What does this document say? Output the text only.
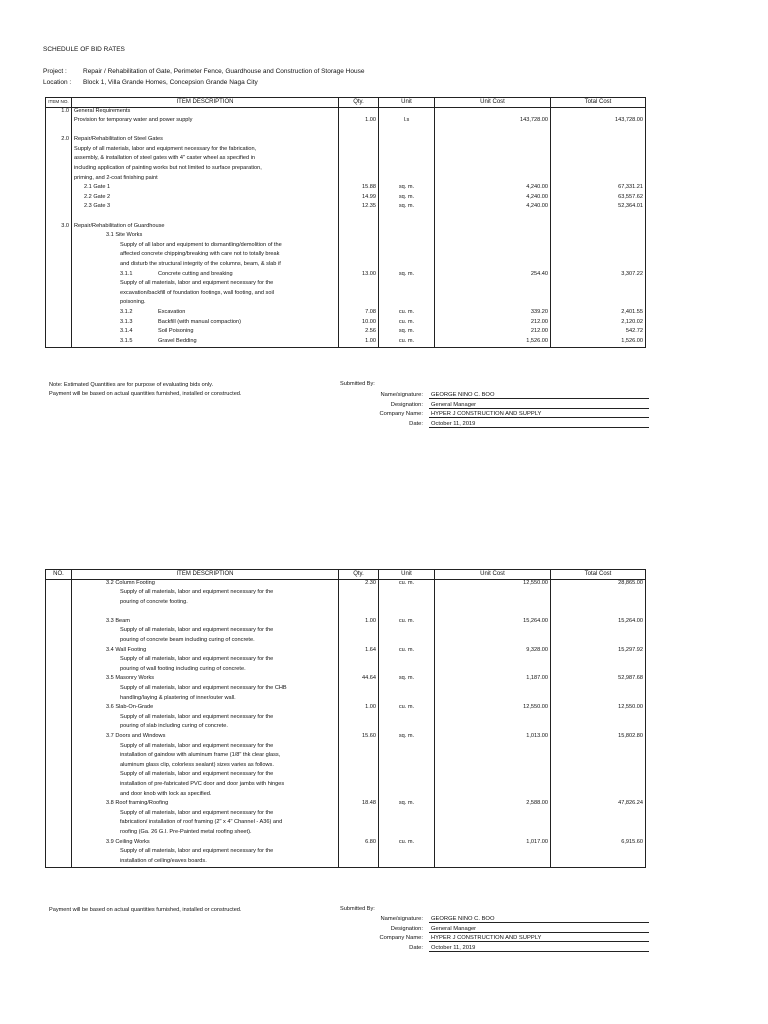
SCHEDULE OF BID RATES
Project : Repair / Rehabilitation of Gate, Perimeter Fence, Guardhouse and Construction of Storage House
Location : Block 1, Villa Grande Homes, Concepsion Grande Naga City
ITEM NO.	ITEM DESCRIPTION	Qty.	Unit	Unit Cost	Total Cost
1.0	General Requirements				
	Provision for temporary water and power supply	1.00	l.s	143,728.00	143,728.00

2.0	Repair/Rehabilitation of Steel Gates				
	Supply of all materials, labor and equipment necessary for the fabrication,				
	assembly, & installation of steel gates with 4" caster wheel as specified in				
	including application of painting works but not limited to surface preparation,				
	priming, and 2-coat finishing paint				
	2.1 Gate 1	15.88	sq. m.	4,240.00	67,331.21
	2.2 Gate 2	14.99	sq. m.	4,240.00	63,557.62
	2.3 Gate 3	12.35	sq. m.	4,240.00	52,364.01

3.0	Repair/Rehabilitation of Guardhouse				
	3.1 Site Works				
	Supply of all labor and equipment to dismantling/demolition of the				
	affected concrete chipping/breaking with care not to totally break				
	and disturb the structural integrity of the columns, beam, & slab if				
	3.1.1 Concrete cutting and breaking	13.00	sq. m.	254.40	3,307.22
	Supply of all materials, labor and equipment necessary for the				
	excavation/backfill of foundation footings, wall footing, and soil				
	poisoning.				
	3.1.2 Excavation	7.08	cu. m.	339.20	2,401.55
	3.1.3 Backfill (with manual compaction)	10.00	cu. m.	212.00	2,120.02
	3.1.4 Soil Poisoning	2.56	sq. m.	212.00	542.72
	3.1.5 Gravel Bedding	1.00	cu. m.	1,526.00	1,526.00
Note: Estimated Quantities are for purpose of evaluating bids only.
Payment will be based on actual quantities furnished, installed or constructed.
Submitted By:
Name/signature:	GEORGE NINO C. BOO
Designation:	General Manager
Company Name:	HYPER J CONSTRUCTION AND SUPPLY
Date:	October 11, 2019
NO.	ITEM DESCRIPTION	Qty.	Unit	Unit Cost	Total Cost
	3.2 Column Footing	2.30	cu. m.	12,550.00	28,865.00
	Supply of all materials, labor and equipment necessary for the				
	pouring of concrete footing.				

	3.3 Beam	1.00	cu. m.	15,264.00	15,264.00
	Supply of all materials, labor and equipment necessary for the				
	pouring of concrete beam including curing of concrete.				
	3.4 Wall Footing	1.64	cu. m.	9,328.00	15,297.92
	Supply of all materials, labor and equipment necessary for the				
	pouring of wall footing including curing of concrete.				
	3.5 Masonry Works	44.64	sq. m.	1,187.00	52,987.68
	Supply of all materials, labor and equipment necessary for the CHB				
	handling/laying & plastering of inner/outer wall.				
	3.6 Slab-On-Grade	1.00	cu. m.	12,550.00	12,550.00
	Supply of all materials, labor and equipment necessary for the				
	pouring of slab including curing of concrete.				
	3.7 Doors and Windows	15.60	sq. m.	1,013.00	15,802.80
	Supply of all materials, labor and equipment necessary for the				
	installation of gaindow with aluminum frame (1/8" thk clear glass,				
	aluminum glass clip, colorless sealant) sizes varies as follows.				
	Supply of all materials, labor and equipment necessary for the				
	installation of pre-fabricated PVC door and door jambs with hinges				
	and door knob with lock as specified.				
	3.8 Roof framing/Roofing	18.48	sq. m.	2,588.00	47,826.24
	Supply of all materials, labor and equipment necessary for the				
	fabrication/ installation of roof framing (2" x 4" Channel - A36) and				
	roofing (Ga. 26 G.I. Pre-Painted metal roofing sheet).				
	3.9 Ceiling Works	6.80	cu. m.	1,017.00	6,915.60
	Supply of all materials, labor and equipment necessary for the				
	installation of ceiling/eaves boards.				
Payment will be based on actual quantities furnished, installed or constructed.	Submitted By:
Name/signature:	GEORGE NINO C. BOO
Designation:	General Manager
Company Name:	HYPER J CONSTRUCTION AND SUPPLY
Date:	October 11, 2019
